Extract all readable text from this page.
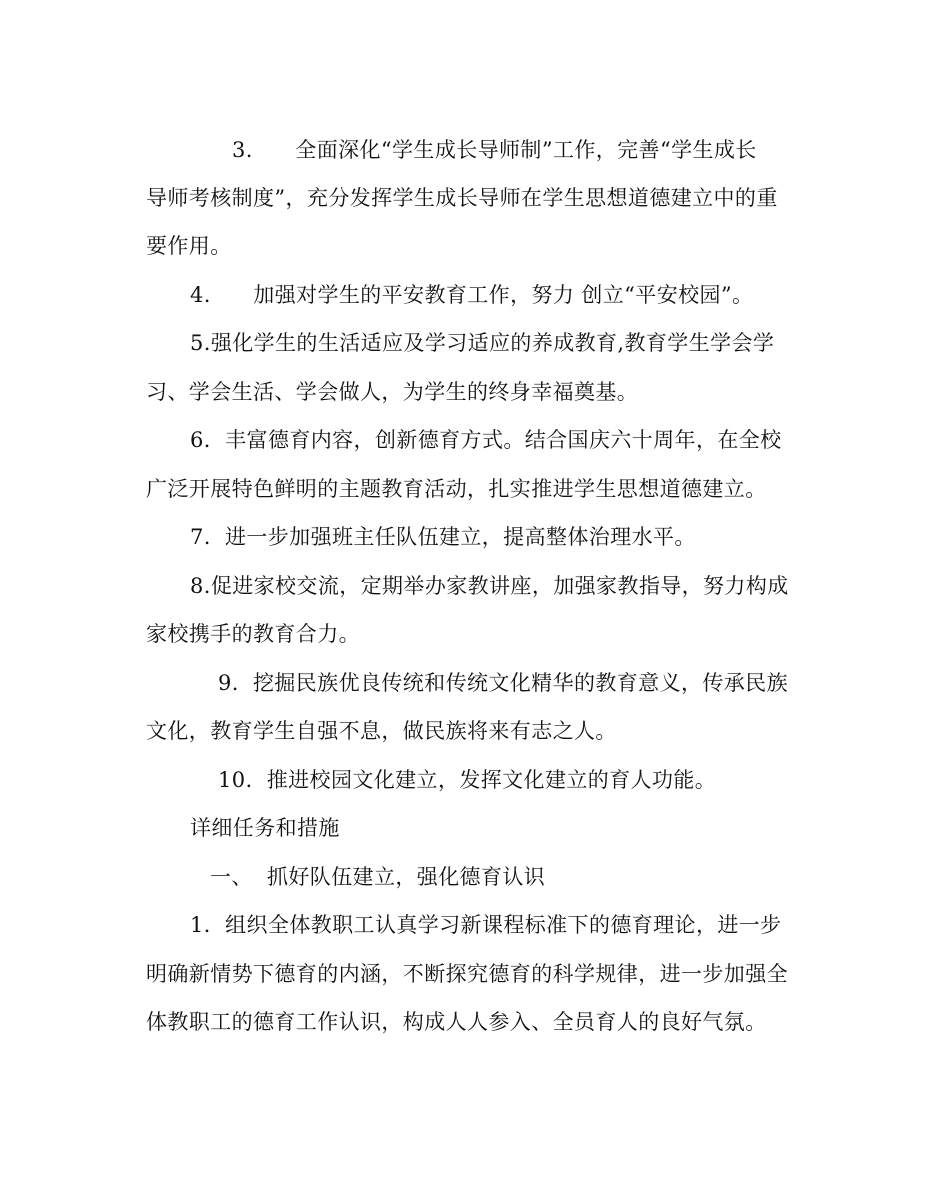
3.      全面深化“学生成长导师制”工作，完善“学生成长
导师考核制度”，充分发挥学生成长导师在学生思想道德建立中的重
要作用。
4.      加强对学生的平安教育工作，努力 创立“平安校园”。
5.强化学生的生活适应及学习适应的养成教育,教育学生学会学
习、学会生活、学会做人，为学生的终身幸福奠基。
6．丰富德育内容，创新德育方式。结合国庆六十周年，在全校
广泛开展特色鲜明的主题教育活动，扎实推进学生思想道德建立。
7.  进一步加强班主任队伍建立，提高整体治理水平。
8.促进家校交流，定期举办家教讲座，加强家教指导，努力构成
家校携手的教育合力。
9.  挖掘民族优良传统和传统文化精华的教育意义，传承民族
文化，教育学生自强不息，做民族将来有志之人。
10.  推进校园文化建立，发挥文化建立的育人功能。
详细任务和措施
一、  抓好队伍建立，强化德育认识
1．组织全体教职工认真学习新课程标准下的德育理论，进一步
明确新情势下德育的内涵，不断探究德育的科学规律，进一步加强全
体教职工的德育工作认识，构成人人参入、全员育人的良好气氛。
